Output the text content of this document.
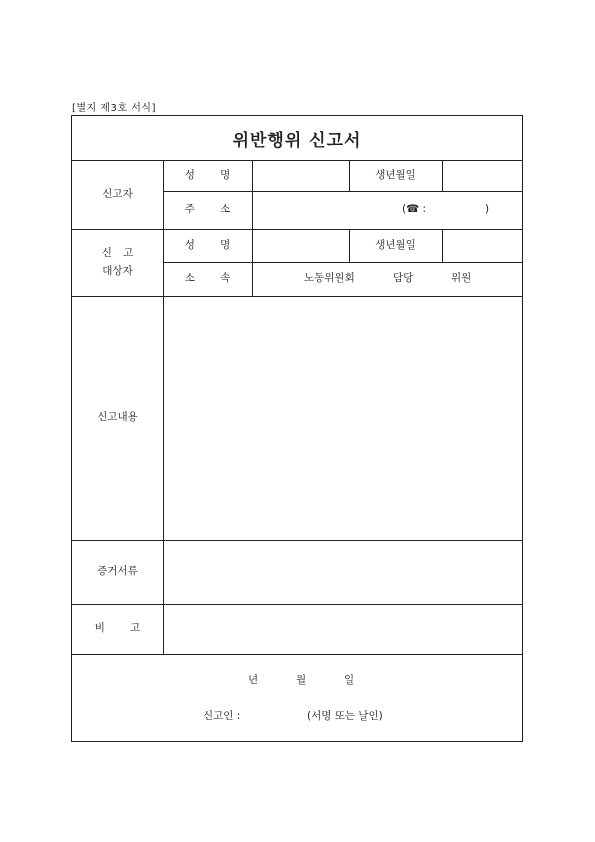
[별지 제3호 서식]
위반행위 신고서
신고자
성 명	생년월일
주 소	(☎ :	)
신 고
대상자
성 명	생년월일
소 속	노동위원회	담당	위원
신고내용
증거서류
비 고
년	월	일
신고인 :	(서명 또는 날인)
